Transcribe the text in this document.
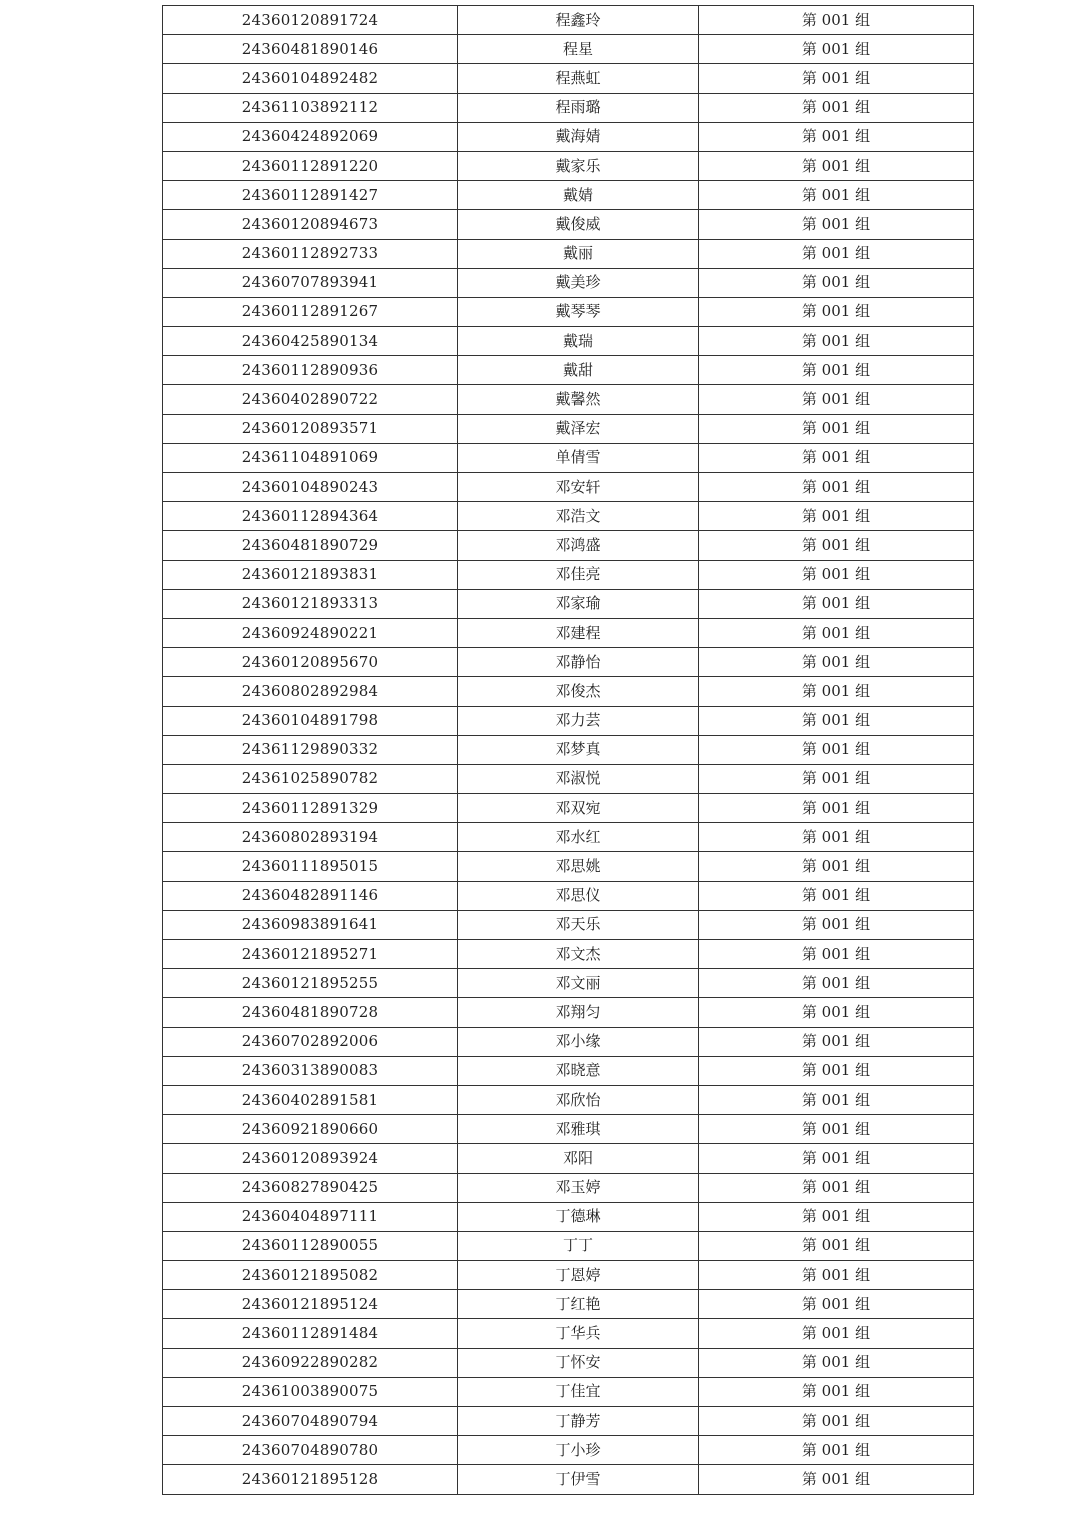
24360120891724	程鑫玲	第 001 组
24360481890146	程星	第 001 组
24360104892482	程燕虹	第 001 组
24361103892112	程雨璐	第 001 组
24360424892069	戴海婧	第 001 组
24360112891220	戴家乐	第 001 组
24360112891427	戴婧	第 001 组
24360120894673	戴俊威	第 001 组
24360112892733	戴丽	第 001 组
24360707893941	戴美珍	第 001 组
24360112891267	戴琴琴	第 001 组
24360425890134	戴瑞	第 001 组
24360112890936	戴甜	第 001 组
24360402890722	戴馨然	第 001 组
24360120893571	戴泽宏	第 001 组
24361104891069	单倩雪	第 001 组
24360104890243	邓安轩	第 001 组
24360112894364	邓浩文	第 001 组
24360481890729	邓鸿盛	第 001 组
24360121893831	邓佳亮	第 001 组
24360121893313	邓家瑜	第 001 组
24360924890221	邓建程	第 001 组
24360120895670	邓静怡	第 001 组
24360802892984	邓俊杰	第 001 组
24360104891798	邓力芸	第 001 组
24361129890332	邓梦真	第 001 组
24361025890782	邓淑悦	第 001 组
24360112891329	邓双宛	第 001 组
24360802893194	邓水红	第 001 组
24360111895015	邓思姚	第 001 组
24360482891146	邓思仪	第 001 组
24360983891641	邓天乐	第 001 组
24360121895271	邓文杰	第 001 组
24360121895255	邓文丽	第 001 组
24360481890728	邓翔匀	第 001 组
24360702892006	邓小缘	第 001 组
24360313890083	邓晓意	第 001 组
24360402891581	邓欣怡	第 001 组
24360921890660	邓雅琪	第 001 组
24360120893924	邓阳	第 001 组
24360827890425	邓玉婷	第 001 组
24360404897111	丁德琳	第 001 组
24360112890055	丁丁	第 001 组
24360121895082	丁恩婷	第 001 组
24360121895124	丁红艳	第 001 组
24360112891484	丁华兵	第 001 组
24360922890282	丁怀安	第 001 组
24361003890075	丁佳宜	第 001 组
24360704890794	丁静芳	第 001 组
24360704890780	丁小珍	第 001 组
24360121895128	丁伊雪	第 001 组
